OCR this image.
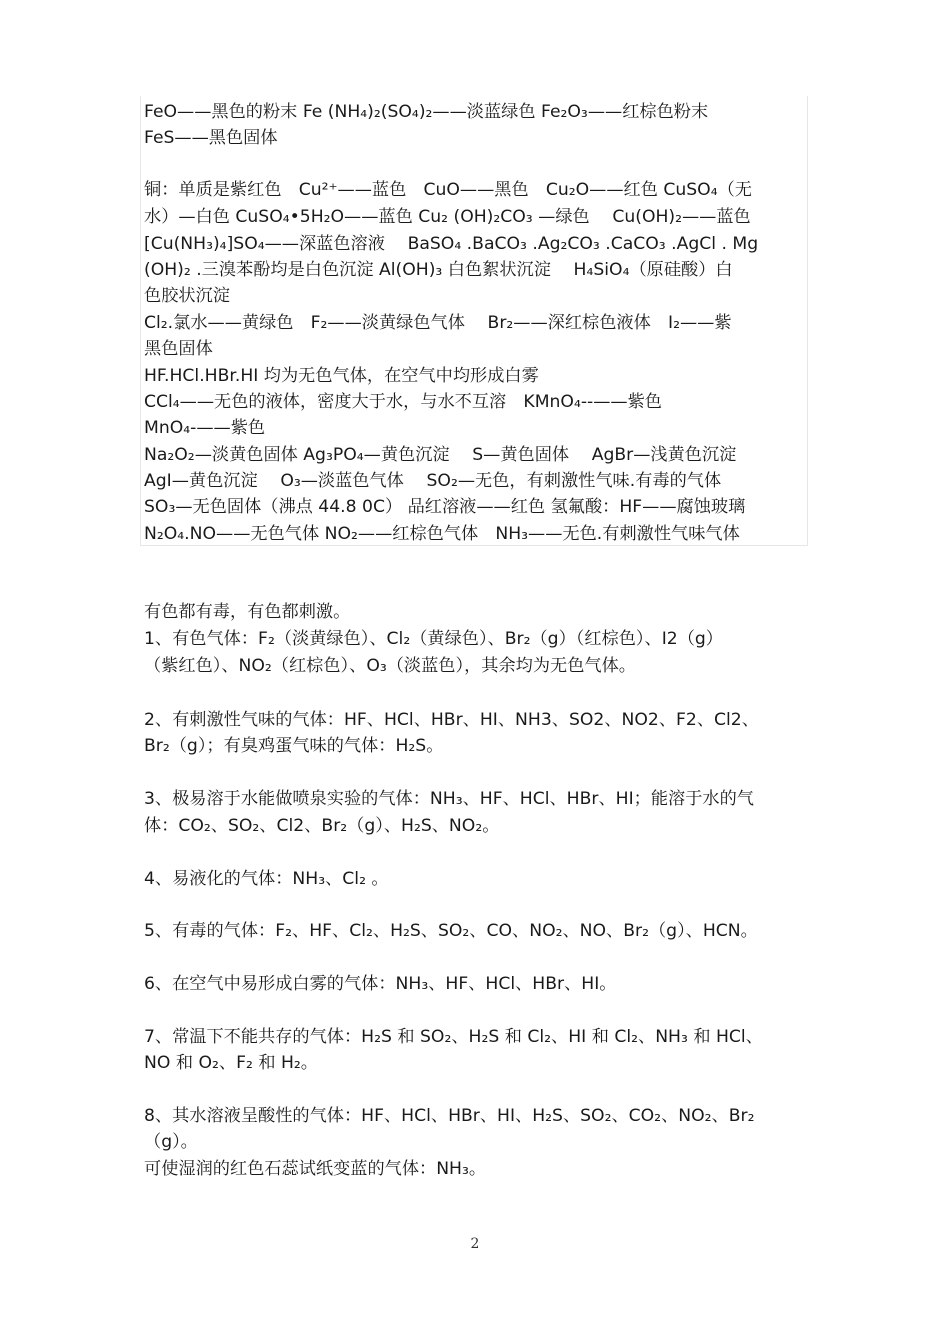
FeO——黑色的粉末 Fe (NH₄)₂(SO₄)₂——淡蓝绿色 Fe₂O₃——红棕色粉末

FeS——黑色固体

铜：单质是紫红色　Cu²⁺——蓝色　CuO——黑色　Cu₂O——红色 CuSO₄（无

水）—白色 CuSO₄•5H₂O——蓝色 Cu₂ (OH)₂CO₃ —绿色　 Cu(OH)₂——蓝色

[Cu(NH₃)₄]SO₄——深蓝色溶液　 BaSO₄ .BaCO₃ .Ag₂CO₃ .CaCO₃ .AgCl . Mg

(OH)₂ .三溴苯酚均是白色沉淀 Al(OH)₃ 白色絮状沉淀　 H₄SiO₄（原硅酸）白

色胶状沉淀

Cl₂.氯水——黄绿色　F₂——淡黄绿色气体　 Br₂——深红棕色液体　I₂——紫

黑色固体

HF.HCl.HBr.HI 均为无色气体，在空气中均形成白雾

CCl₄——无色的液体，密度大于水，与水不互溶　KMnO₄--——紫色

MnO₄-——紫色

Na₂O₂—淡黄色固体 Ag₃PO₄—黄色沉淀　 S—黄色固体　 AgBr—浅黄色沉淀

AgI—黄色沉淀　 O₃—淡蓝色气体　 SO₂—无色，有刺激性气味.有毒的气体

SO₃—无色固体（沸点 44.8 0C） 品红溶液——红色 氢氟酸：HF——腐蚀玻璃

N₂O₄.NO——无色气体 NO₂——红棕色气体　NH₃——无色.有刺激性气味气体

有色都有毒，有色都刺激。

1、有色气体：F₂（淡黄绿色）、Cl₂（黄绿色）、Br₂（g）（红棕色）、I2（g）

（紫红色）、NO₂（红棕色）、O₃（淡蓝色），其余均为无色气体。

2、有刺激性气味的气体：HF、HCl、HBr、HI、NH3、SO2、NO2、F2、Cl2、

Br₂（g）；有臭鸡蛋气味的气体：H₂S。

3、极易溶于水能做喷泉实验的气体：NH₃、HF、HCl、HBr、HI；能溶于水的气

体：CO₂、SO₂、Cl2、Br₂（g）、H₂S、NO₂。

4、易液化的气体：NH₃、Cl₂ 。

5、有毒的气体：F₂、HF、Cl₂、H₂S、SO₂、CO、NO₂、NO、Br₂（g）、HCN。

6、在空气中易形成白雾的气体：NH₃、HF、HCl、HBr、HI。

7、常温下不能共存的气体：H₂S 和 SO₂、H₂S 和 Cl₂、HI 和 Cl₂、NH₃ 和 HCl、

NO 和 O₂、F₂ 和 H₂。

8、其水溶液呈酸性的气体：HF、HCl、HBr、HI、H₂S、SO₂、CO₂、NO₂、Br₂

（g）。

可使湿润的红色石蕊试纸变蓝的气体：NH₃。

2
